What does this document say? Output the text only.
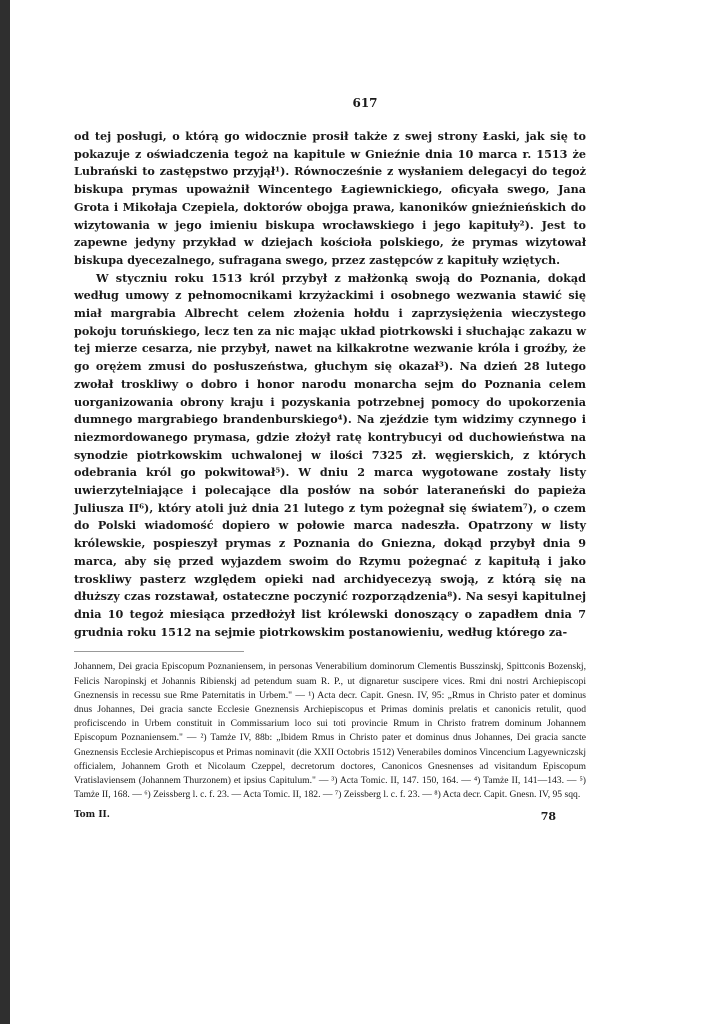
617

od tej posługi, o którą go widocznie prosił także z swej strony Łaski, jak się to pokazuje z oświadczenia tegoż na kapitule w Gnieźnie dnia 10 marca r. 1513 że Lubrański to zastępstwo przyjął¹). Równocześnie z wysłaniem delegacyi do tegoż biskupa prymas upoważnił Wincentego Łagiewnickiego, oficyała swego, Jana Grota i Mikołaja Czepiela, doktorów obojga prawa, kanoników gnieźnieńskich do wizytowania w jego imieniu biskupa wrocławskiego i jego kapituły²). Jest to zapewne jedyny przykład w dziejach kościoła polskiego, że prymas wizytował biskupa dyecezalnego, sufragana swego, przez zastępców z kapituły wziętych.

W styczniu roku 1513 król przybył z małżonką swoją do Poznania, dokąd według umowy z pełnomocnikami krzyżackimi i osobnego wezwania stawić się miał margrabia Albrecht celem złożenia hołdu i zaprzysiężenia wieczystego pokoju toruńskiego, lecz ten za nic mając układ piotrkowski i słuchając zakazu w tej mierze cesarza, nie przybył, nawet na kilkakrotne wezwanie króla i groźby, że go orężem zmusi do posłuszeństwa, głuchym się okazał³). Na dzień 28 lutego zwołał troskliwy o dobro i honor narodu monarcha sejm do Poznania celem uorganizowania obrony kraju i pozyskania potrzebnej pomocy do upokorzenia dumnego margrabiego brandenburskiego⁴). Na zjeździe tym widzimy czynnego i niezmordowanego prymasa, gdzie złożył ratę kontrybucyi od duchowieństwa na synodzie piotrkowskim uchwalonej w ilości 7325 zł. węgierskich, z których odebrania król go pokwitował⁵). W dniu 2 marca wygotowane zostały listy uwierzytelniające i polecające dla posłów na sobór lateraneński do papieża Juliusza II⁶), który atoli już dnia 21 lutego z tym pożegnał się światem⁷), o czem do Polski wiadomość dopiero w połowie marca nadeszła. Opatrzony w listy królewskie, pospieszył prymas z Poznania do Gniezna, dokąd przybył dnia 9 marca, aby się przed wyjazdem swoim do Rzymu pożegnać z kapitułą i jako troskliwy pasterz względem opieki nad archidyecezyą swoją, z którą się na dłuższy czas rozstawał, ostateczne poczynić rozporządzenia⁸). Na sesyi kapitulnej dnia 10 tegoż miesiąca przedłożył list królewski donoszący o zapadłem dnia 7 grudnia roku 1512 na sejmie piotrkowskim postanowieniu, według którego za-

Johannem, Dei gracia Episcopum Poznaniensem, in personas Venerabilium dominorum Clementis Busszinskj, Spittconis Bozenskj, Felicis Naropinskj et Johannis Ribienskj ad petendum suam R. P., ut dignaretur suscipere vices. Rmi dni nostri Archiepiscopi Gneznensis in recessu sue Rme Paternitatis in Urbem." — ¹) Acta decr. Capit. Gnesn. IV, 95: „Rmus in Christo pater et dominus dnus Johannes, Dei gracia sancte Ecclesie Gneznensis Archiepiscopus et Primas dominis prelatis et canonicis retulit, quod proficiscendo in Urbem constituit in Commissarium loco sui toti provincie Rmum in Christo fratrem dominum Johannem Episcopum Poznaniensem." — ²) Tamże IV, 88b: „Ibidem Rmus in Christo pater et dominus dnus Johannes, Dei gracia sancte Gneznensis Ecclesie Archiepiscopus et Primas nominavit (die XXII Octobris 1512) Venerabiles dominos Vincencium Lagyewniczskj officialem, Johannem Groth et Nicolaum Czeppel, decretorum doctores, Canonicos Gnesnenses ad visitandum Episcopum Vratislaviensem (Johannem Thurzonem) et ipsius Capitulum." — ³) Acta Tomic. II, 147. 150, 164. — ⁴) Tamże II, 141—143. — ⁵) Tamże II, 168. — ⁶) Zeissberg l. c. f. 23. — Acta Tomic. II, 182. — ⁷) Zeissberg l. c. f. 23. — ⁸) Acta decr. Capit. Gnesn. IV, 95 sqq.

Tom II.	78
